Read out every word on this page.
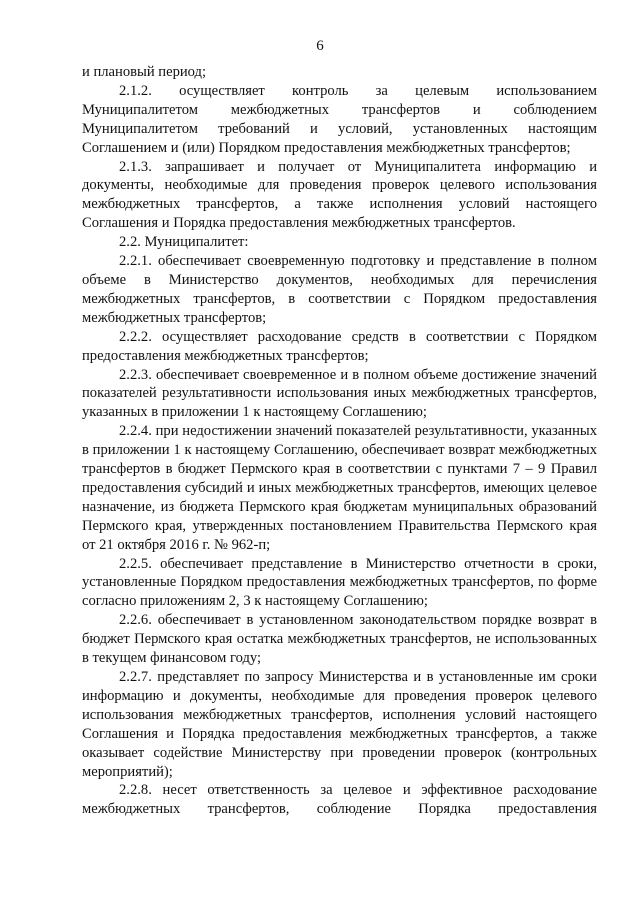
6

и плановый период;

2.1.2. осуществляет контроль за целевым использованием Муниципалитетом межбюджетных трансфертов и соблюдением Муниципалитетом требований и условий, установленных настоящим Соглашением и (или) Порядком предоставления межбюджетных трансфертов;

2.1.3. запрашивает и получает от Муниципалитета информацию и документы, необходимые для проведения проверок целевого использования межбюджетных трансфертов, а также исполнения условий настоящего Соглашения и Порядка предоставления межбюджетных трансфертов.

2.2. Муниципалитет:

2.2.1. обеспечивает своевременную подготовку и представление в полном объеме в Министерство документов, необходимых для перечисления межбюджетных трансфертов, в соответствии с Порядком предоставления межбюджетных трансфертов;

2.2.2. осуществляет расходование средств в соответствии с Порядком предоставления межбюджетных трансфертов;

2.2.3. обеспечивает своевременное и в полном объеме достижение значений показателей результативности использования иных межбюджетных трансфертов, указанных в приложении 1 к настоящему Соглашению;

2.2.4. при недостижении значений показателей результативности, указанных в приложении 1 к настоящему Соглашению, обеспечивает возврат межбюджетных трансфертов в бюджет Пермского края в соответствии с пунктами 7 – 9 Правил предоставления субсидий и иных межбюджетных трансфертов, имеющих целевое назначение, из бюджета Пермского края бюджетам муниципальных образований Пермского края, утвержденных постановлением Правительства Пермского края от 21 октября 2016 г. № 962-п;

2.2.5. обеспечивает представление в Министерство отчетности в сроки, установленные Порядком предоставления межбюджетных трансфертов, по форме согласно приложениям 2, 3 к настоящему Соглашению;

2.2.6. обеспечивает в установленном законодательством порядке возврат в бюджет Пермского края остатка межбюджетных трансфертов, не использованных в текущем финансовом году;

2.2.7. представляет по запросу Министерства и в установленные им сроки информацию и документы, необходимые для проведения проверок целевого использования межбюджетных трансфертов, исполнения условий настоящего Соглашения и Порядка предоставления межбюджетных трансфертов, а также оказывает содействие Министерству при проведении проверок (контрольных мероприятий);

2.2.8. несет ответственность за целевое и эффективное расходование межбюджетных трансфертов, соблюдение Порядка предоставления
